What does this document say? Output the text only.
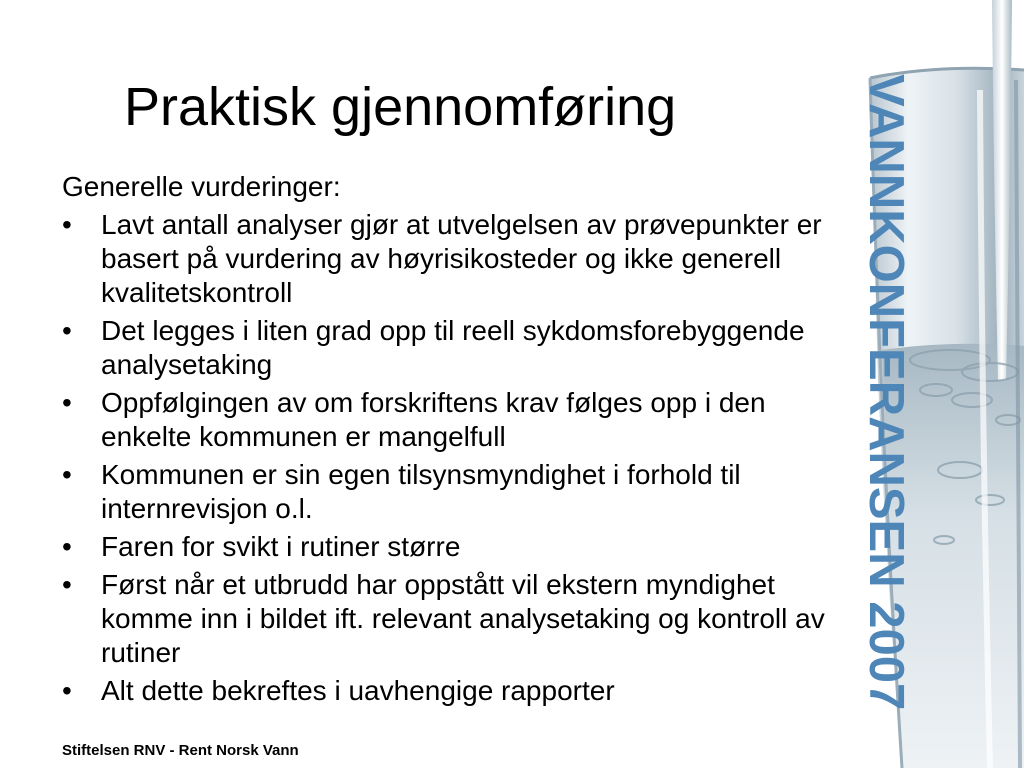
Praktisk gjennomføring

Generelle vurderinger:

• Lavt antall analyser gjør at utvelgelsen av prøvepunkter er basert på vurdering av høyrisikosteder og ikke generell kvalitetskontroll
• Det legges i liten grad opp til reell sykdomsforebyggende analysetaking
• Oppfølgingen av om forskriftens krav følges opp i den enkelte kommunen er mangelfull
• Kommunen er sin egen tilsynsmyndighet i forhold til internrevisjon o.l.
• Faren for svikt i rutiner større
• Først når et utbrudd har oppstått vil ekstern myndighet komme inn i bildet ift. relevant analysetaking og kontroll av rutiner
• Alt dette bekreftes i uavhengige rapporter
Stiftelsen RNV - Rent Norsk Vann
VANNKONFERANSEN 2007
